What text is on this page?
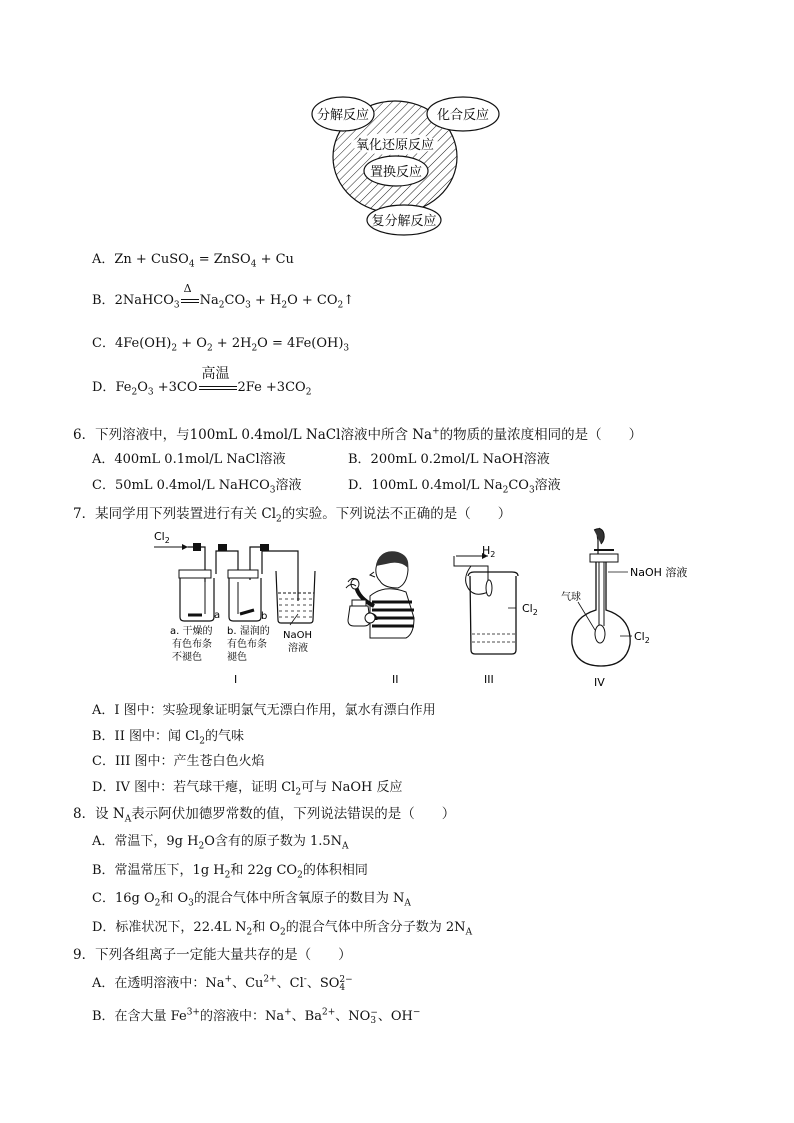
分解反应	化合反应
氧化还原反应
置换反应
复分解反应
A．Zn + CuSO$_4$ = ZnSO$_4$ + Cu
B．2NaHCO$_3$
Δ
$Na_2CO_3 + H_2O$ + $CO_2↑$
C．$4Fe(OH)_2 + O_2 + 2H_2O = 4Fe(OH)_3$
D．$Fe_2O_3 +3CO$
高温
$2Fe +3CO_2$
6．下列溶液中，与100mL 0.4mol/L NaCl溶液中所含 Na+的物质的量浓度相同的是（　　）
A．400mL 0.1mol/L NaCl溶液	B．200mL 0.2mol/L NaOH溶液
C．50mL 0.4mol/L NaHCO$_3$溶液	D．100mL 0.4mol/L $Na_2CO_3$溶液
7．某同学用下列装置进行有关 $Cl_2$的实验。下列说法不正确的是（　　）
$Cl_2$
a	b
a. 干燥的有色布条不褪色
b. 湿润的有色布条褪色
NaOH 溶液
I	II
$H_2$
$Cl_2$
III
NaOH 溶液
气球
$Cl_2$
IV
A．I 图中：实验现象证明氯气无漂白作用，氯水有漂白作用
B．II 图中：闻 $Cl_2$的气味
C．III 图中：产生苍白色火焰
D．IV 图中：若气球干瘪，证明 $Cl_2$可与 NaOH 反应
8．设 $N_A$表示阿伏加德罗常数的值，下列说法错误的是（　　）
A．常温下，9g $H_2O$含有的原子数为 $1.5N_A$
B．常温常压下，1g $H_2$和 22g $CO_2$的体积相同
C．16g $O_2$和 $O_3$的混合气体中所含氧原子的数目为 $N_A$
D．标准状况下，22.4L $N_2$和 $O_2$的混合气体中所含分子数为 $2N_A$
9．下列各组离子一定能大量共存的是（　　）
A．在透明溶液中：Na+、$Cu^{2+}$、Cl-、SO 2−
4
B．在含大量 $Fe^{3+}$的溶液中：Na+、$Ba^{2+}$、NO −
3 、OH−
